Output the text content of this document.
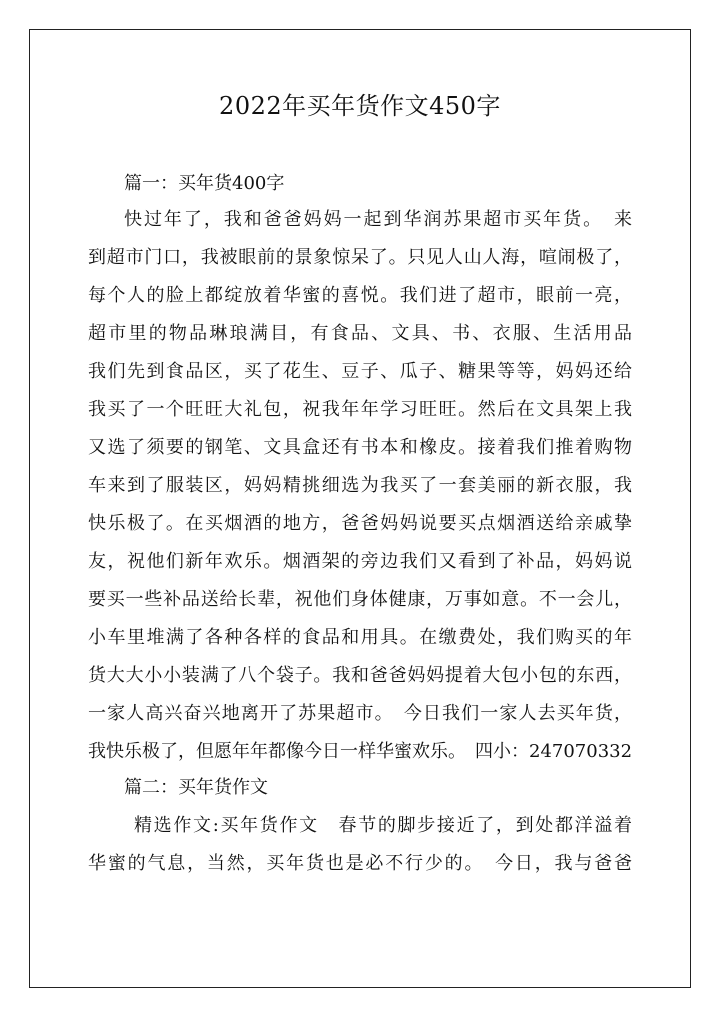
2022年买年货作文450字
篇一：买年货400字
快过年了，我和爸爸妈妈一起到华润苏果超市买年货。　来
到超市门口，我被眼前的景象惊呆了。只见人山人海，喧闹极了，
每个人的脸上都绽放着华蜜的喜悦。我们进了超市，眼前一亮，
超市里的物品琳琅满目，有食品、文具、书、衣服、生活用品
我们先到食品区，买了花生、豆子、瓜子、糖果等等，妈妈还给
我买了一个旺旺大礼包，祝我年年学习旺旺。然后在文具架上我
又选了须要的钢笔、文具盒还有书本和橡皮。接着我们推着购物
车来到了服装区，妈妈精挑细选为我买了一套美丽的新衣服，我
快乐极了。在买烟酒的地方，爸爸妈妈说要买点烟酒送给亲戚挚
友，祝他们新年欢乐。烟酒架的旁边我们又看到了补品，妈妈说
要买一些补品送给长辈，祝他们身体健康，万事如意。不一会儿，
小车里堆满了各种各样的食品和用具。在缴费处，我们购买的年
货大大小小装满了八个袋子。我和爸爸妈妈提着大包小包的东西，
一家人高兴奋兴地离开了苏果超市。　今日我们一家人去买年货，
我快乐极了，但愿年年都像今日一样华蜜欢乐。　四小：247070332
篇二：买年货作文
精选作文:买年货作文　春节的脚步接近了，到处都洋溢着
华蜜的气息，当然，买年货也是必不行少的。　今日，我与爸爸
